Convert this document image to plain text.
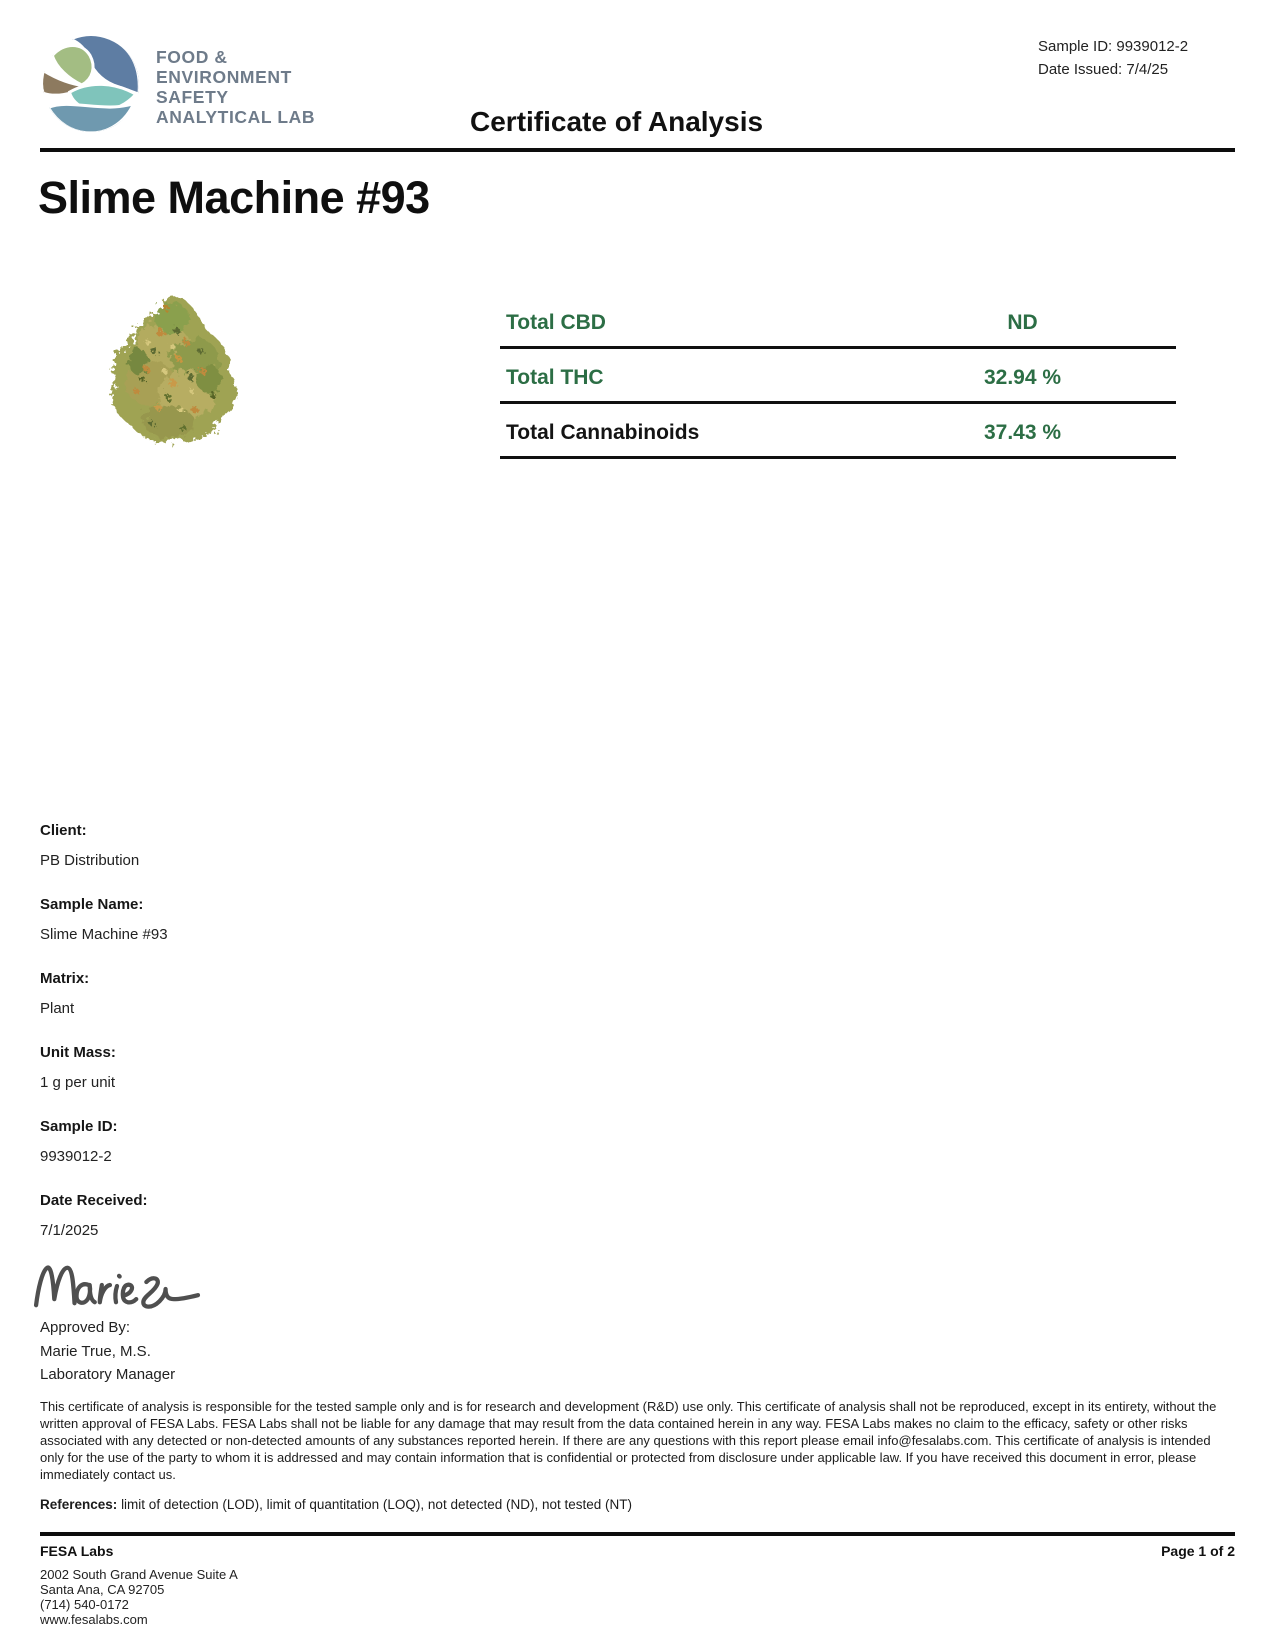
FOOD &
ENVIRONMENT
SAFETY
ANALYTICAL LAB	Certificate of Analysis
Sample ID: 9939012-2
Date Issued: 7/4/25
Slime Machine #93
Total CBD	ND
Total THC	32.94 %
Total Cannabinoids	37.43 %
Client:
PB Distribution
Sample Name:
Slime Machine #93
Matrix:
Plant
Unit Mass:
1 g per unit
Sample ID:
9939012-2
Date Received:
7/1/2025
Approved By:
Marie True, M.S.
Laboratory Manager
This certificate of analysis is responsible for the tested sample only and is for research and development (R&D) use only. This certificate of analysis shall not be reproduced, except in its entirety, without the written approval of FESA Labs. FESA Labs shall not be liable for any damage that may result from the data contained herein in any way. FESA Labs makes no claim to the efficacy, safety or other risks associated with any detected or non-detected amounts of any substances reported herein. If there are any questions with this report please email info@fesalabs.com. This certificate of analysis is intended only for the use of the party to whom it is addressed and may contain information that is confidential or protected from disclosure under applicable law. If you have received this document in error, please immediately contact us.
References: limit of detection (LOD), limit of quantitation (LOQ), not detected (ND), not tested (NT)
FESA Labs
2002 South Grand Avenue Suite A
Santa Ana, CA 92705
(714) 540-0172
www.fesalabs.com
Page 1 of 2
